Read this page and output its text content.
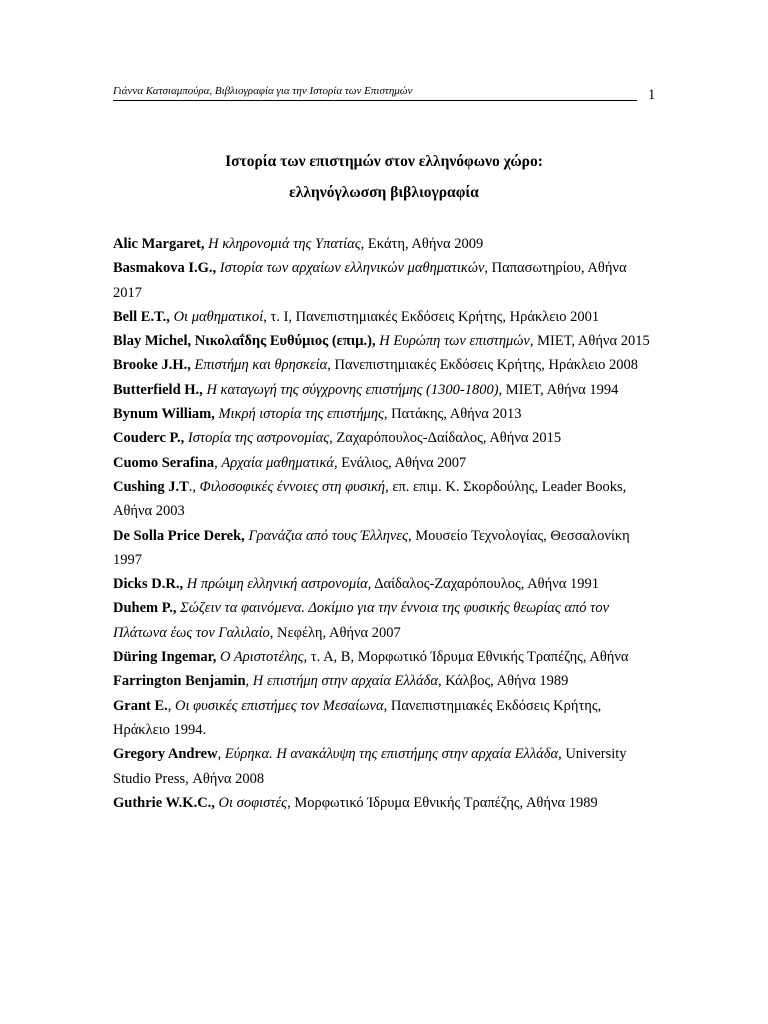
Γιάννα Κατσιαμπούρα, Βιβλιογραφία για την Ιστορία των Επιστημών	1
Ιστορία των επιστημών στον ελληνόφωνο χώρο:
ελληνόγλωσση βιβλιογραφία

Alic Margaret, Η κληρονομιά της Υπατίας, Εκάτη, Αθήνα 2009

Basmakova I.G., Ιστορία των αρχαίων ελληνικών μαθηματικών, Παπασωτηρίου, Αθήνα 2017

Bell E.T., Οι μαθηματικοί, τ. Ι, Πανεπιστημιακές Εκδόσεις Κρήτης, Ηράκλειο 2001

Blay Michel, Νικολαΐδης Ευθύμιος (επιμ.), Η Ευρώπη των επιστημών, ΜΙΕΤ, Αθήνα 2015

Brooke J.H., Επιστήμη και θρησκεία, Πανεπιστημιακές Εκδόσεις Κρήτης, Ηράκλειο 2008

Butterfield H., Η καταγωγή της σύγχρονης επιστήμης (1300-1800), ΜΙΕΤ, Αθήνα 1994

Bynum William, Μικρή ιστορία της επιστήμης, Πατάκης, Αθήνα 2013

Couderc P., Ιστορία της αστρονομίας, Ζαχαρόπουλος-Δαίδαλος, Αθήνα 2015

Cuomo Serafina, Αρχαία μαθηματικά, Ενάλιος, Αθήνα 2007

Cushing J.T., Φιλοσοφικές έννοιες στη φυσική, επ. επιμ. Κ. Σκορδούλης, Leader Books, Αθήνα 2003

De Solla Price Derek, Γρανάζια από τους Έλληνες, Μουσείο Τεχνολογίας, Θεσσαλονίκη 1997

Dicks D.R., Η πρώιμη ελληνική αστρονομία, Δαίδαλος-Ζαχαρόπουλος, Αθήνα 1991

Duhem P., Σώζειν τα φαινόμενα. Δοκίμιο για την έννοια της φυσικής θεωρίας από τον Πλάτωνα έως τον Γαλιλαίο, Νεφέλη, Αθήνα 2007

Düring Ingemar, Ο Αριστοτέλης, τ. Α, Β, Μορφωτικό Ίδρυμα Εθνικής Τραπέζης, Αθήνα

Farrington Benjamin, Η επιστήμη στην αρχαία Ελλάδα, Κάλβος, Αθήνα 1989

Grant E., Οι φυσικές επιστήμες τον Μεσαίωνα, Πανεπιστημιακές Εκδόσεις Κρήτης, Ηράκλειο 1994.

Gregory Andrew, Εύρηκα. Η ανακάλυψη της επιστήμης στην αρχαία Ελλάδα, University Studio Press, Αθήνα 2008

Guthrie W.K.C., Οι σοφιστές, Μορφωτικό Ίδρυμα Εθνικής Τραπέζης, Αθήνα 1989
